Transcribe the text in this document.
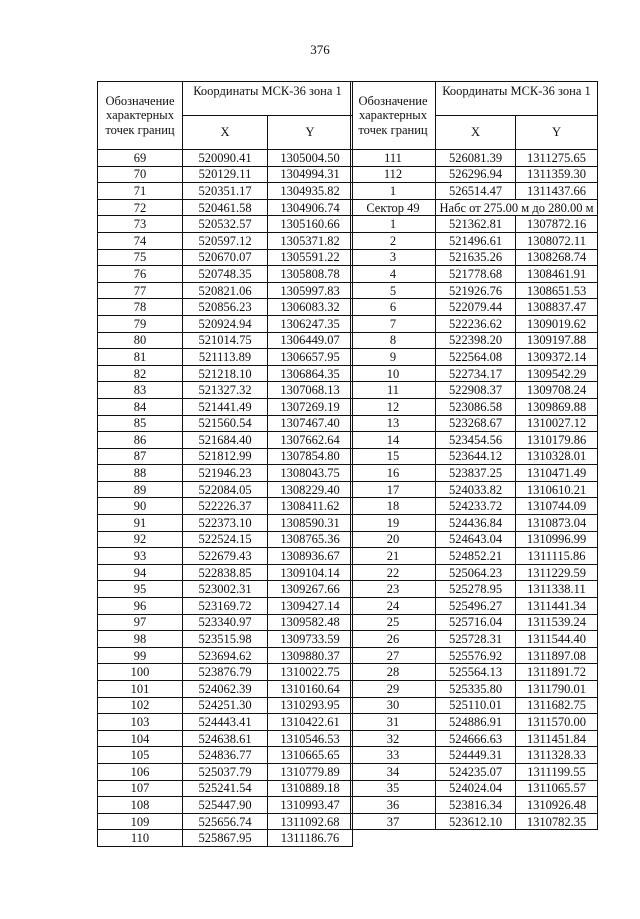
376
Обозначение характерных точек границ	Координаты МСК-36 зона 1	
	X	Y
69	520090.41	1305004.50
70	520129.11	1304994.31
71	520351.17	1304935.82
72	520461.58	1304906.74
73	520532.57	1305160.66
74	520597.12	1305371.82
75	520670.07	1305591.22
76	520748.35	1305808.78
77	520821.06	1305997.83
78	520856.23	1306083.32
79	520924.94	1306247.35
80	521014.75	1306449.07
81	521113.89	1306657.95
82	521218.10	1306864.35
83	521327.32	1307068.13
84	521441.49	1307269.19
85	521560.54	1307467.40
86	521684.40	1307662.64
87	521812.99	1307854.80
88	521946.23	1308043.75
89	522084.05	1308229.40
90	522226.37	1308411.62
91	522373.10	1308590.31
92	522524.15	1308765.36
93	522679.43	1308936.67
94	522838.85	1309104.14
95	523002.31	1309267.66
96	523169.72	1309427.14
97	523340.97	1309582.48
98	523515.98	1309733.59
99	523694.62	1309880.37
100	523876.79	1310022.75
101	524062.39	1310160.64
102	524251.30	1310293.95
103	524443.41	1310422.61
104	524638.61	1310546.53
105	524836.77	1310665.65
106	525037.79	1310779.89
107	525241.54	1310889.18
108	525447.90	1310993.47
109	525656.74	1311092.68
110	525867.95	1311186.76
Обозначение характерных точек границ	Координаты МСК-36 зона 1	
	X	Y
111	526081.39	1311275.65
112	526296.94	1311359.30
1	526514.47	1311437.66
Сектор 49	Набс от 275.00 м до 280.00 м	

1	521362.81	1307872.16
2	521496.61	1308072.11
3	521635.26	1308268.74
4	521778.68	1308461.91
5	521926.76	1308651.53
6	522079.44	1308837.47
7	522236.62	1309019.62
8	522398.20	1309197.88
9	522564.08	1309372.14
10	522734.17	1309542.29
11	522908.37	1309708.24
12	523086.58	1309869.88
13	523268.67	1310027.12
14	523454.56	1310179.86
15	523644.12	1310328.01
16	523837.25	1310471.49
17	524033.82	1310610.21
18	524233.72	1310744.09
19	524436.84	1310873.04
20	524643.04	1310996.99
21	524852.21	1311115.86
22	525064.23	1311229.59
23	525278.95	1311338.11
24	525496.27	1311441.34
25	525716.04	1311539.24
26	525728.31	1311544.40
27	525576.92	1311897.08
28	525564.13	1311891.72
29	525335.80	1311790.01
30	525110.01	1311682.75
31	524886.91	1311570.00
32	524666.63	1311451.84
33	524449.31	1311328.33
34	524235.07	1311199.55
35	524024.04	1311065.57
36	523816.34	1310926.48
37	523612.10	1310782.35
